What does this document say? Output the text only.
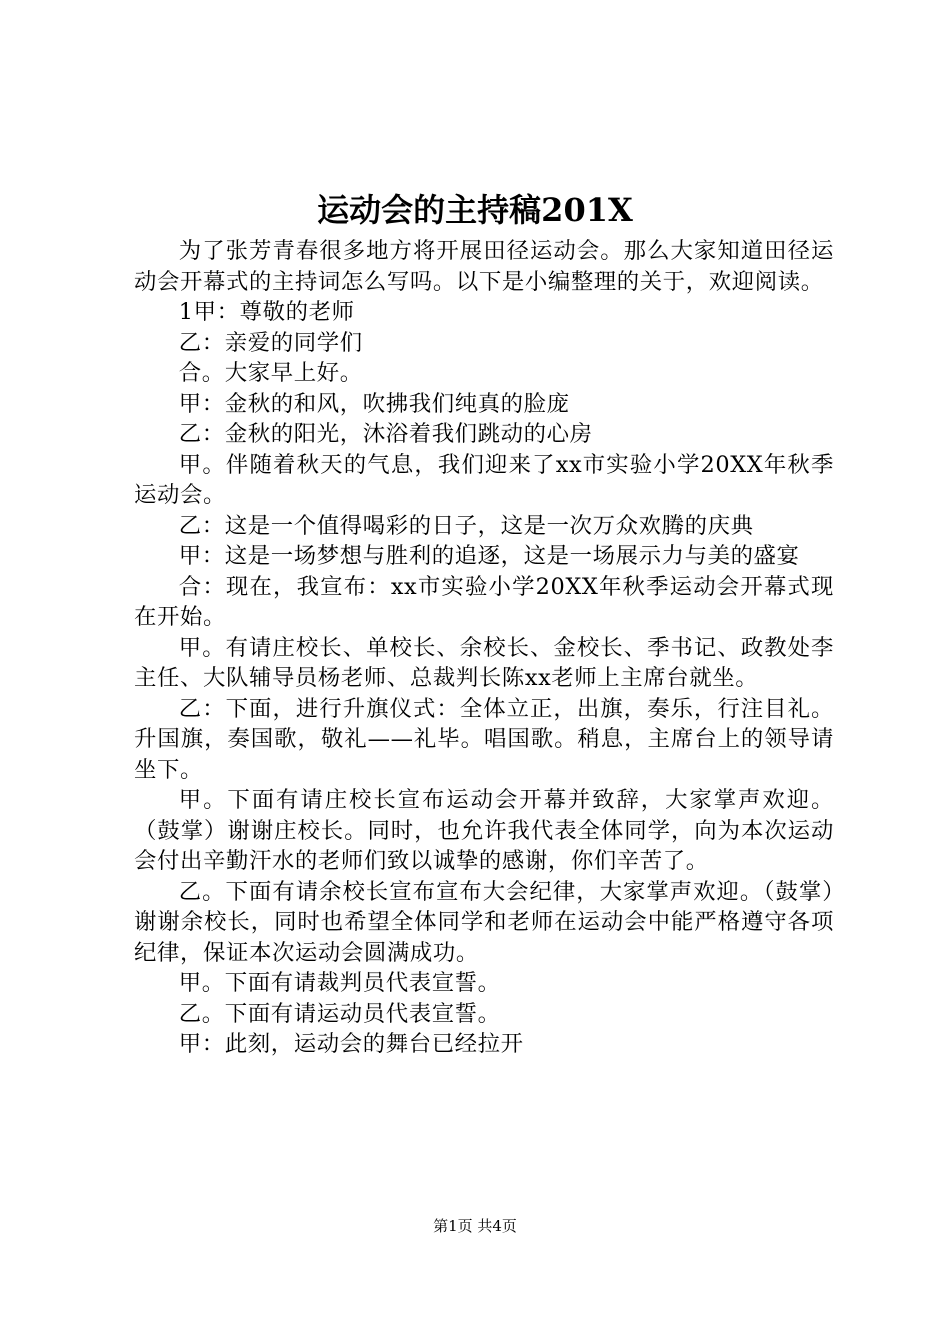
运动会的主持稿201X

为了张芳青春很多地方将开展田径运动会。那么大家知道田径运动会开幕式的主持词怎么写吗。以下是小编整理的关于，欢迎阅读。

1甲：尊敬的老师

乙：亲爱的同学们

合。大家早上好。

甲：金秋的和风，吹拂我们纯真的脸庞

乙：金秋的阳光，沐浴着我们跳动的心房

甲。伴随着秋天的气息，我们迎来了xx市实验小学20XX年秋季运动会。

乙：这是一个值得喝彩的日子，这是一次万众欢腾的庆典

甲：这是一场梦想与胜利的追逐，这是一场展示力与美的盛宴

合：现在，我宣布：xx市实验小学20XX年秋季运动会开幕式现在开始。

甲。有请庄校长、单校长、余校长、金校长、季书记、政教处李主任、大队辅导员杨老师、总裁判长陈xx老师上主席台就坐。

乙：下面，进行升旗仪式：全体立正，出旗，奏乐，行注目礼。升国旗，奏国歌，敬礼——礼毕。唱国歌。稍息，主席台上的领导请坐下。

甲。下面有请庄校长宣布运动会开幕并致辞，大家掌声欢迎。（鼓掌）谢谢庄校长。同时，也允许我代表全体同学，向为本次运动会付出辛勤汗水的老师们致以诚挚的感谢，你们辛苦了。

乙。下面有请余校长宣布宣布大会纪律，大家掌声欢迎。（鼓掌）谢谢余校长，同时也希望全体同学和老师在运动会中能严格遵守各项纪律，保证本次运动会圆满成功。

甲。下面有请裁判员代表宣誓。

乙。下面有请运动员代表宣誓。

甲：此刻，运动会的舞台已经拉开

第1页 共4页
